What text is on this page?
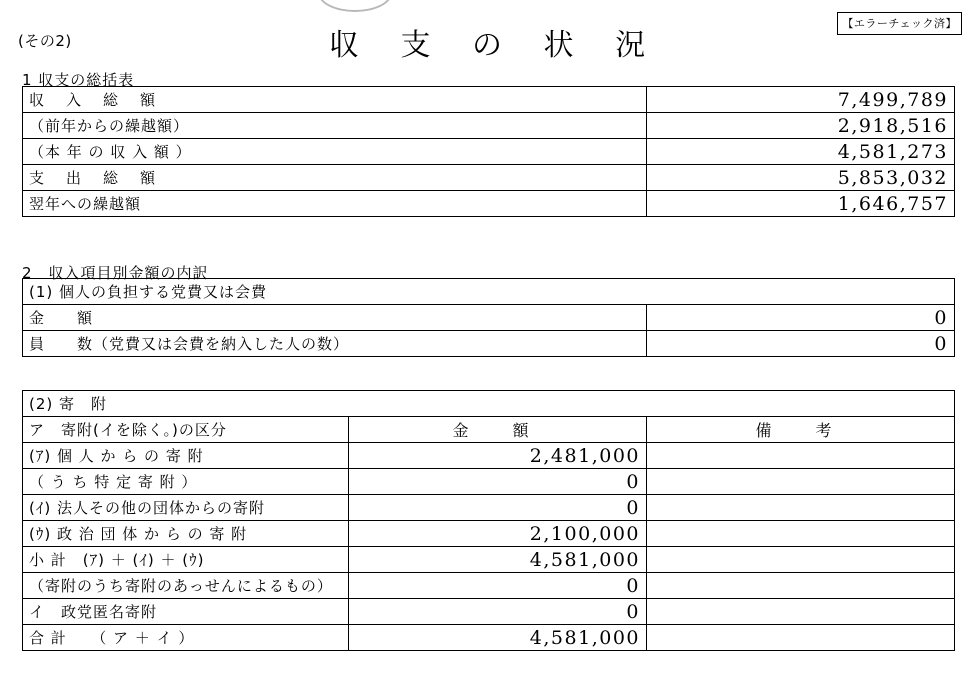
(その2)	収 支 の 状 況
【エラーチェック済】
1 収支の総括表
収　入　総　額	7,499,789
（前年からの繰越額）	2,918,516
（本 年 の 収 入 額 ）	4,581,273
支　出　総　額	5,853,032
翌年への繰越額	1,646,757
2　収入項目別金額の内訳
(1) 個人の負担する党費又は会費	
金　　額	0
員　　数（党費又は会費を納入した人の数）	0
(2) 寄　附		
ア　寄附(イを除く。)の区分	金　額	備　考
(ｱ) 個 人 か ら の 寄 附	2,481,000	
（ う ち 特 定 寄 附 ）	0	
(ｲ) 法人その他の団体からの寄附	0	
(ｳ) 政 治 団 体 か ら の 寄 附	2,100,000	
小 計　(ｱ) ＋ (ｲ) ＋ (ｳ)	4,581,000	
（寄附のうち寄附のあっせんによるもの）	0	
イ　政党匿名寄附	0	
合 計　　（ ア ＋ イ ）	4,581,000	
